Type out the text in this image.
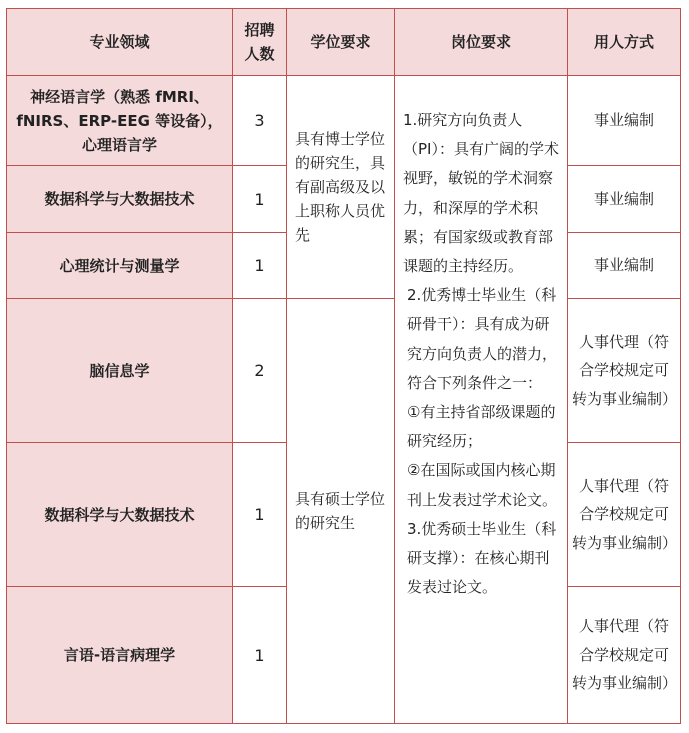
专业领域	招聘人数	学位要求	岗位要求	用人方式
神经语言学（熟悉 fMRI、fNIRS、ERP-EEG 等设备），心理语言学	3	具有博士学位的研究生，具有副高级及以上职称人员优先	1.研究方向负责人（PI）：具有广阔的学术视野，敏锐的学术洞察力，和深厚的学术积累；有国家级或教育部课题的主持经历。
2.优秀博士毕业生（科研骨干）：具有成为研究方向负责人的潜力，符合下列条件之一：
①有主持省部级课题的研究经历；
②在国际或国内核心期刊上发表过学术论文。
3.优秀硕士毕业生（科研支撑）：在核心期刊发表过论文。	事业编制
数据科学与大数据技术	1			事业编制
心理统计与测量学	1			事业编制
脑信息学	2	具有硕士学位的研究生		人事代理（符合学校规定可转为事业编制）
数据科学与大数据技术	1			人事代理（符合学校规定可转为事业编制）
言语-语言病理学	1			人事代理（符合学校规定可转为事业编制）
